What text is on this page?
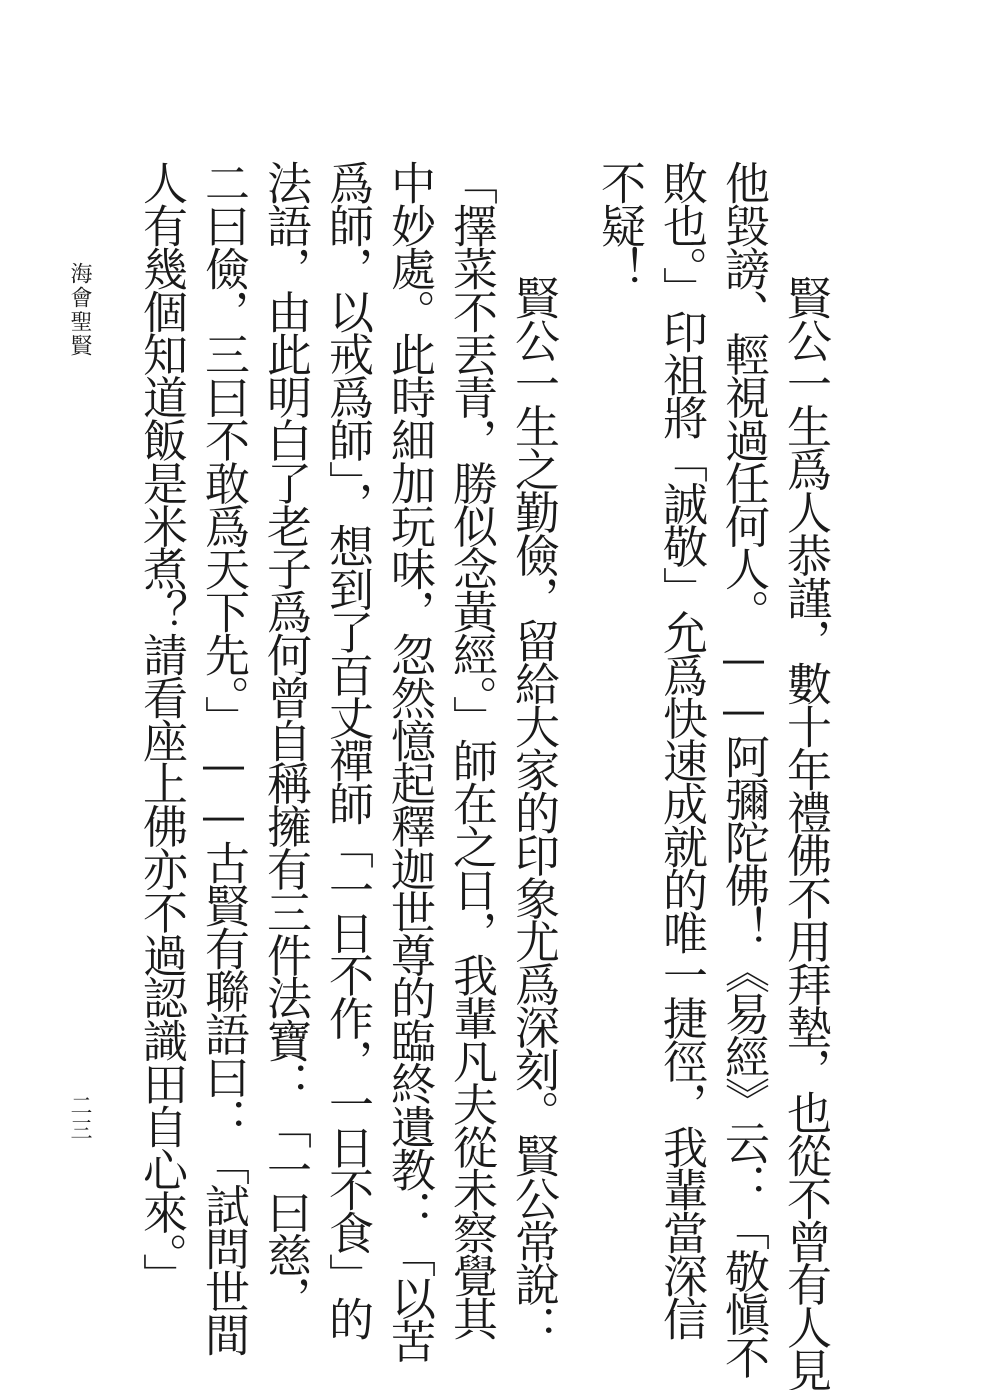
　賢公一生爲人恭謹，數十年禮佛不用拜墊，也從不曾有人見
他毀謗、輕視過任何人。——阿彌陀佛！《易經》云：「敬愼不
敗也。」印祖將「誠敬」允爲快速成就的唯一捷徑，我輩當深信
不疑！
　賢公一生之勤儉，留給大家的印象尤爲深刻。賢公常說：
「擇菜不丟青，勝似念黃經。」師在之日，我輩凡夫從未察覺其
中妙處。此時細加玩味，忽然憶起釋迦世尊的臨終遺教：「以苦
爲師，以戒爲師」，想到了百丈禪師「一日不作，一日不食」的
法語，由此明白了老子爲何曾自稱擁有三件法寶：「一曰慈，
二曰儉，三曰不敢爲天下先。」——古賢有聯語曰：「試問世間
人有幾個知道飯是米煮？請看座上佛亦不過認識田自心來。」
海會聖賢
二三
